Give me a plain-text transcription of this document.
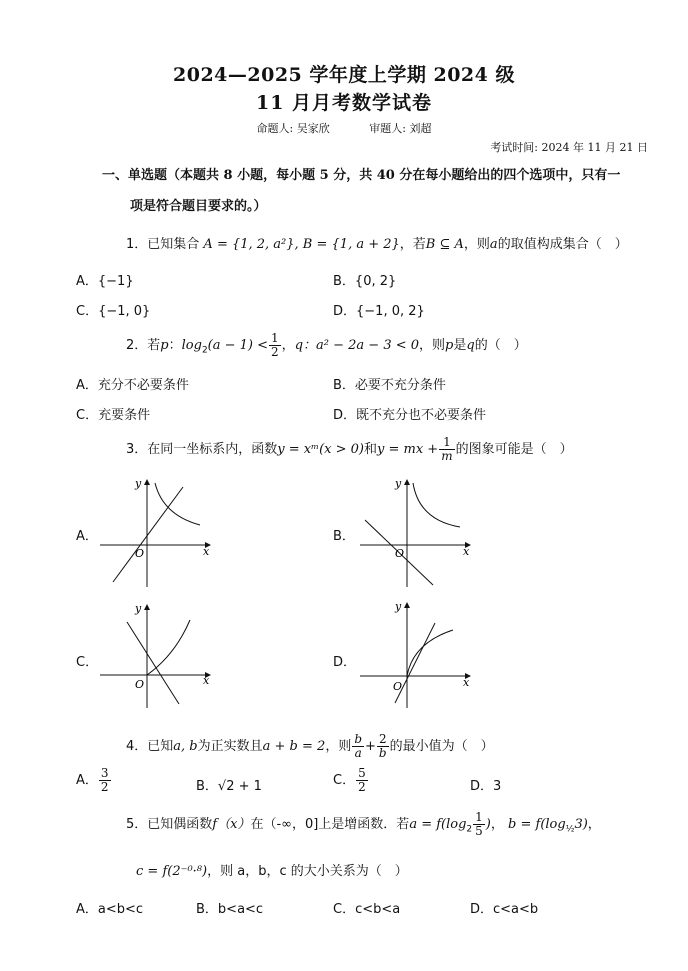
2024—2025 学年度上学期 2024 级
11 月月考数学试卷
命题人: 吴家欣	审题人: 刘超
考试时间: 2024 年 11 月 21 日
一、单选题（本题共 8 小题，每小题 5 分，共 40 分在每小题给出的四个选项中，只有一
项是符合题目要求的。）
1．已知集合 A = {1, 2, a²}, B = {1, a + 2}，若B ⊆ A，则a的取值构成集合（　）
A．{−1}	B．{0, 2}
C．{−1, 0}	D．{−1, 0, 2}
2．若p：$\log_2(a - 1) < \frac{1}{2}$ ，q：a² − 2a − 3 < 0，则p是q的（　）
A．充分不必要条件	B．必要不充分条件
C．充要条件	D．既不充分也不必要条件
3．在同一坐标系内，函数y = xᵐ(x > 0)和y = mx + $\frac{1}{m}$ 的图象可能是（　）
A．	B．
C．	D．
x
y
O	x
y
O
x
y
O	x
y
O
4．已知a, b为正实数且a + b = 2，则 $\frac{b}{a} + \frac{2}{b}$ 的最小值为（　）
A． $\frac{3}{2}$	B．√2 + 1	C． $\frac{5}{2}$	D．3
5．已知偶函数f（x）在（-∞，0]上是增函数．若$a = f(\log_2 \frac{1}{5}$ )， $b = f(\log_{\frac{1}{2}}3)$，
c = f(2⁻⁰·⁸)，则 a，b，c 的大小关系为（　）
A．a<b<c	B．b<a<c	C．c<b<a	D．c<a<b
